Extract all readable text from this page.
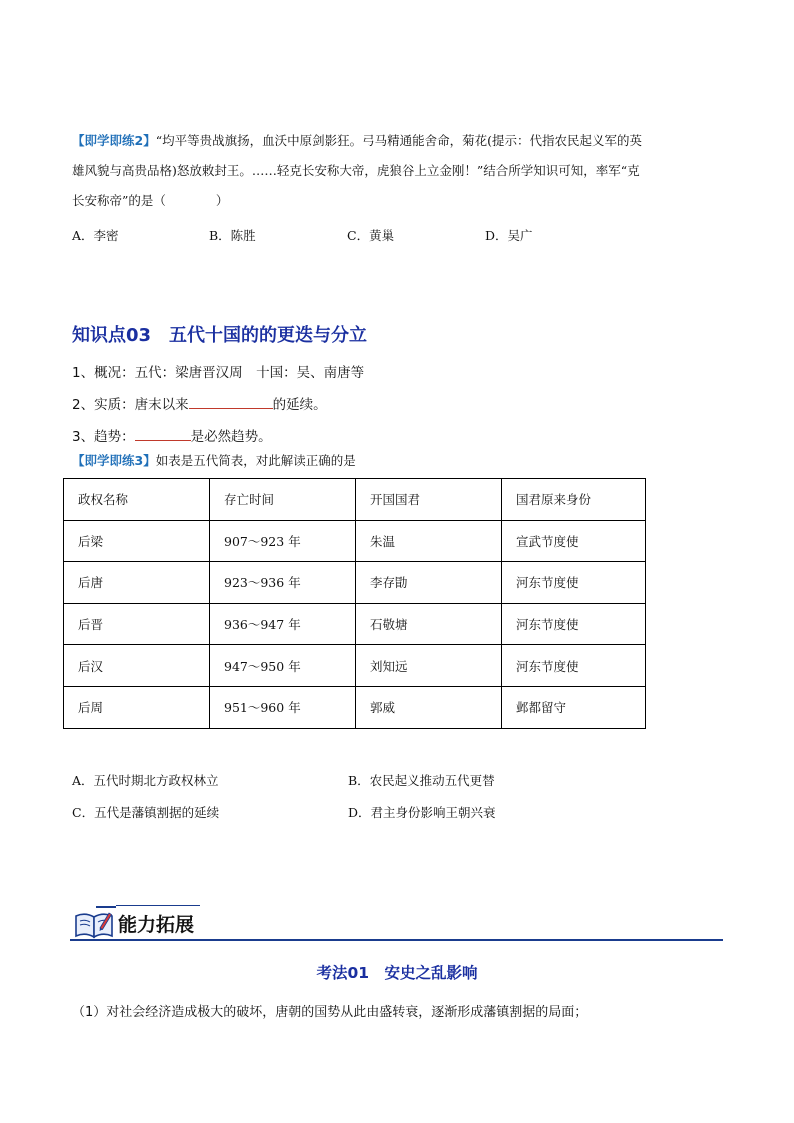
【即学即练2】“均平等贵战旗扬，血沃中原剑影狂。弓马精通能舍命，菊花(提示：代指农民起义军的英
雄风貌与高贵品格)怒放敕封王。……轻克长安称大帝，虎狼谷上立金刚！”结合所学知识可知，率军“克
长安称帝”的是（　　　　）
A．李密	B．陈胜	C．黄巢	D．吴广
知识点03　五代十国的的更迭与分立
1、概况：五代：梁唐晋汉周　十国：吴、南唐等
2、实质：唐末以来	的延续。
3、趋势：	是必然趋势。
【即学即练3】如表是五代简表，对此解读正确的是
政权名称	存亡时间	开国国君	国君原来身份
后梁	907～923 年	朱温	宣武节度使
后唐	923～936 年	李存勖	河东节度使
后晋	936～947 年	石敬塘	河东节度使
后汉	947～950 年	刘知远	河东节度使
后周	951～960 年	郭威	邺都留守
A．五代时期北方政权林立	B．农民起义推动五代更替
C．五代是藩镇割据的延续	D．君主身份影响王朝兴衰
能力拓展
考法01　安史之乱影响
（1）对社会经济造成极大的破坏，唐朝的国势从此由盛转衰，逐渐形成藩镇割据的局面；
